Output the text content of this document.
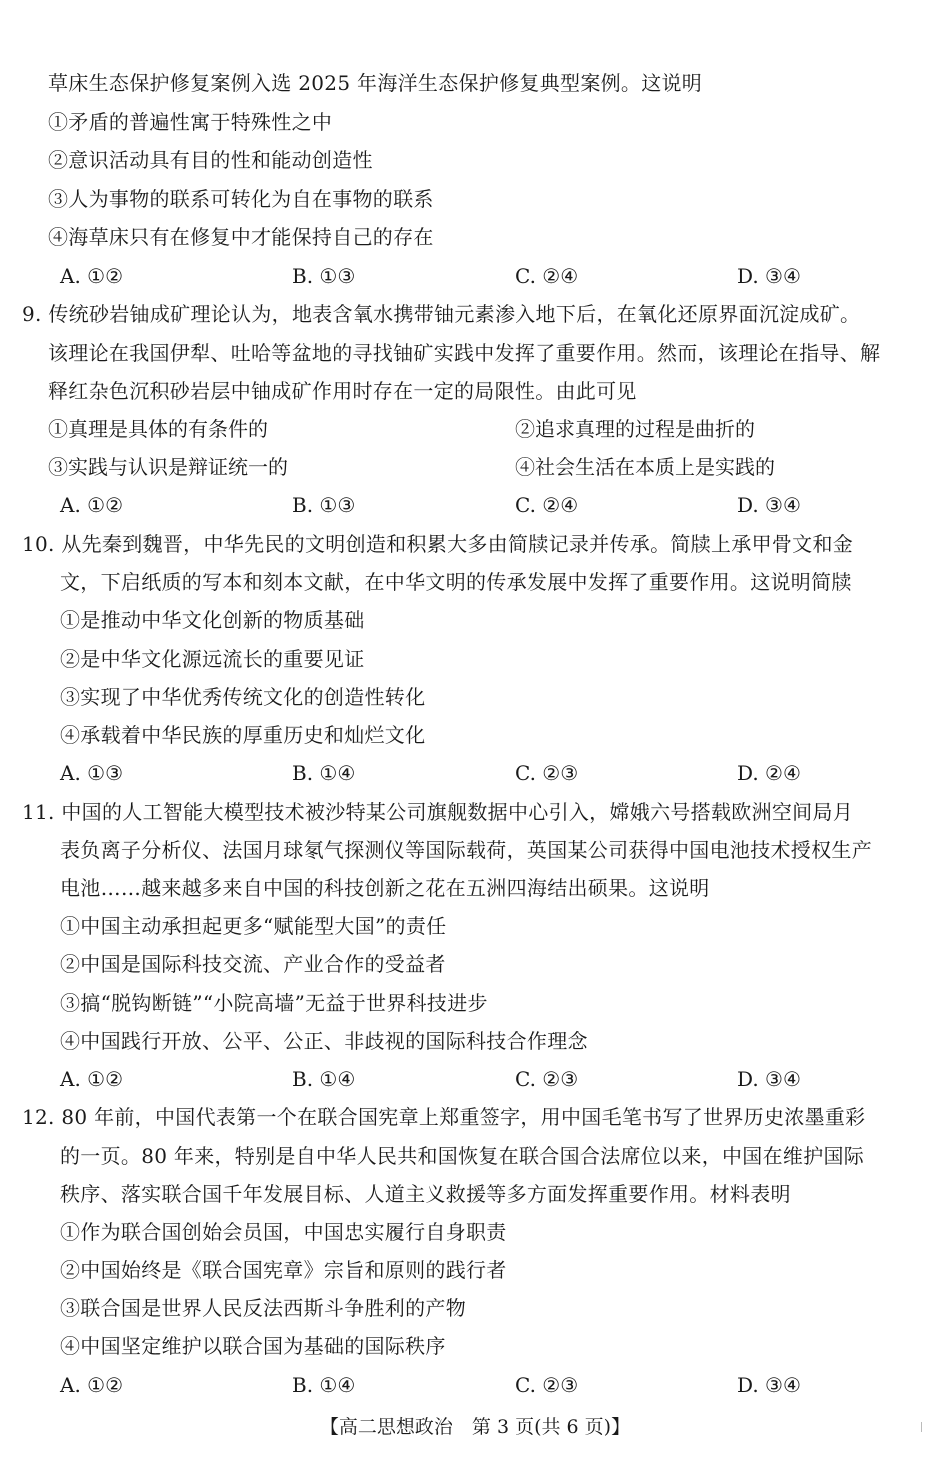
草床生态保护修复案例入选 2025 年海洋生态保护修复典型案例。这说明
①矛盾的普遍性寓于特殊性之中
②意识活动具有目的性和能动创造性
③人为事物的联系可转化为自在事物的联系
④海草床只有在修复中才能保持自己的存在
A. ①②	B. ①③	C. ②④	D. ③④
9. 传统砂岩铀成矿理论认为，地表含氧水携带铀元素渗入地下后，在氧化还原界面沉淀成矿。
该理论在我国伊犁、吐哈等盆地的寻找铀矿实践中发挥了重要作用。然而，该理论在指导、解
释红杂色沉积砂岩层中铀成矿作用时存在一定的局限性。由此可见
①真理是具体的有条件的	②追求真理的过程是曲折的
③实践与认识是辩证统一的	④社会生活在本质上是实践的
A. ①②	B. ①③	C. ②④	D. ③④
10. 从先秦到魏晋，中华先民的文明创造和积累大多由简牍记录并传承。简牍上承甲骨文和金
文，下启纸质的写本和刻本文献，在中华文明的传承发展中发挥了重要作用。这说明简牍
①是推动中华文化创新的物质基础
②是中华文化源远流长的重要见证
③实现了中华优秀传统文化的创造性转化
④承载着中华民族的厚重历史和灿烂文化
A. ①③	B. ①④	C. ②③	D. ②④
11. 中国的人工智能大模型技术被沙特某公司旗舰数据中心引入，嫦娥六号搭载欧洲空间局月
表负离子分析仪、法国月球氡气探测仪等国际载荷，英国某公司获得中国电池技术授权生产
电池……越来越多来自中国的科技创新之花在五洲四海结出硕果。这说明
①中国主动承担起更多“赋能型大国”的责任
②中国是国际科技交流、产业合作的受益者
③搞“脱钩断链”“小院高墙”无益于世界科技进步
④中国践行开放、公平、公正、非歧视的国际科技合作理念
A. ①②	B. ①④	C. ②③	D. ③④
12. 80 年前，中国代表第一个在联合国宪章上郑重签字，用中国毛笔书写了世界历史浓墨重彩
的一页。80 年来，特别是自中华人民共和国恢复在联合国合法席位以来，中国在维护国际
秩序、落实联合国千年发展目标、人道主义救援等多方面发挥重要作用。材料表明
①作为联合国创始会员国，中国忠实履行自身职责
②中国始终是《联合国宪章》宗旨和原则的践行者
③联合国是世界人民反法西斯斗争胜利的产物
④中国坚定维护以联合国为基础的国际秩序
A. ①②	B. ①④	C. ②③	D. ③④
【高二思想政治　第 3 页(共 6 页)】
